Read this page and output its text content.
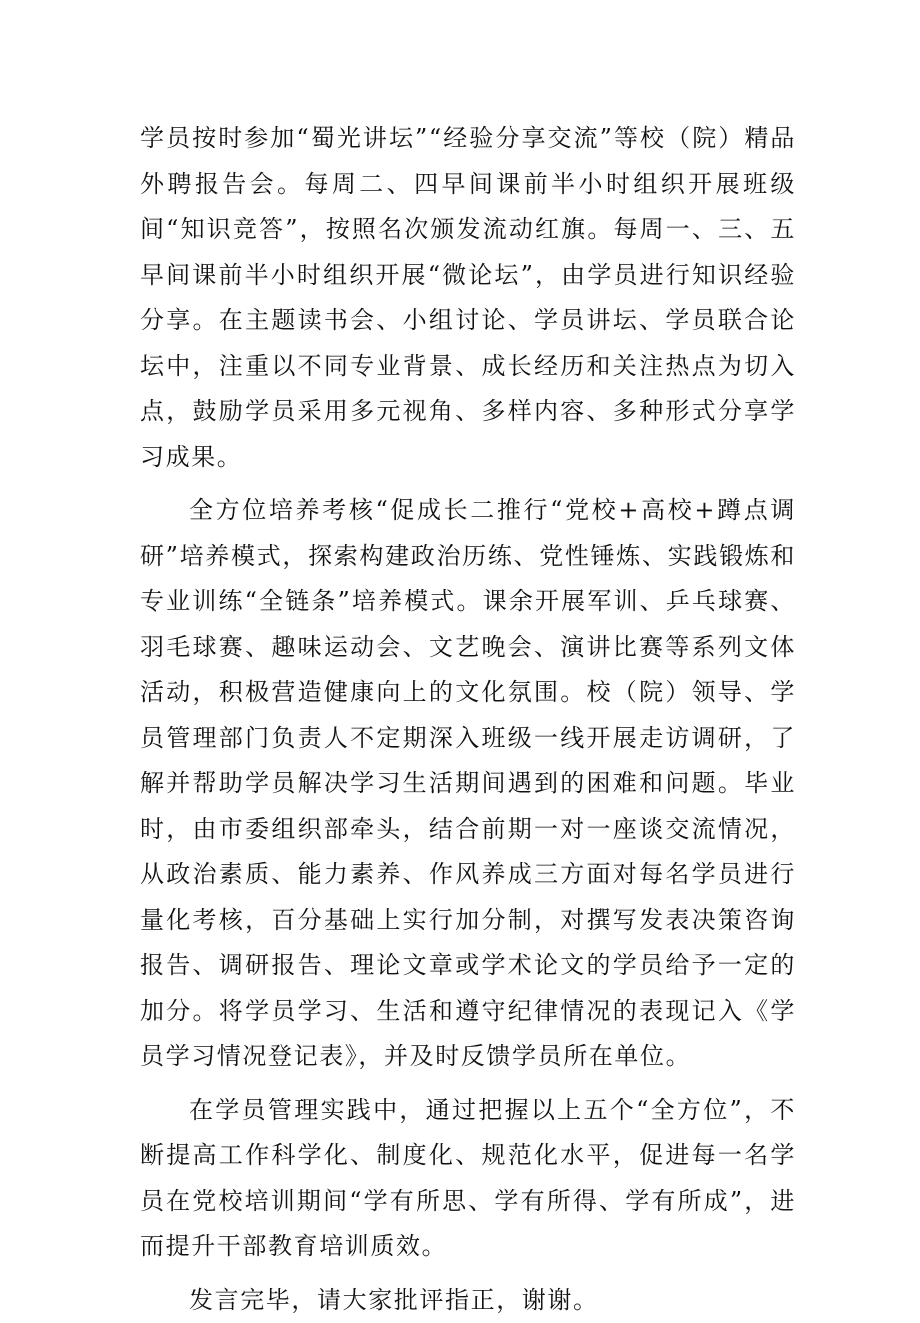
学员按时参加“蜀光讲坛”“经验分享交流”等校（院）精品外聘报告会。每周二、四早间课前半小时组织开展班级间“知识竞答”，按照名次颁发流动红旗。每周一、三、五早间课前半小时组织开展“微论坛”，由学员进行知识经验分享。在主题读书会、小组讨论、学员讲坛、学员联合论坛中，注重以不同专业背景、成长经历和关注热点为切入点，鼓励学员采用多元视角、多样内容、多种形式分享学习成果。

全方位培养考核“促成长二推行“党校+高校+蹲点调研”培养模式，探索构建政治历练、党性锤炼、实践锻炼和专业训练“全链条”培养模式。课余开展军训、乒乓球赛、羽毛球赛、趣味运动会、文艺晚会、演讲比赛等系列文体活动，积极营造健康向上的文化氛围。校（院）领导、学员管理部门负责人不定期深入班级一线开展走访调研，了解并帮助学员解决学习生活期间遇到的困难和问题。毕业时，由市委组织部牵头，结合前期一对一座谈交流情况，从政治素质、能力素养、作风养成三方面对每名学员进行量化考核，百分基础上实行加分制，对撰写发表决策咨询报告、调研报告、理论文章或学术论文的学员给予一定的加分。将学员学习、生活和遵守纪律情况的表现记入《学员学习情况登记表》，并及时反馈学员所在单位。

在学员管理实践中，通过把握以上五个“全方位”，不断提高工作科学化、制度化、规范化水平，促进每一名学员在党校培训期间“学有所思、学有所得、学有所成”，进而提升干部教育培训质效。

发言完毕，请大家批评指正，谢谢。
